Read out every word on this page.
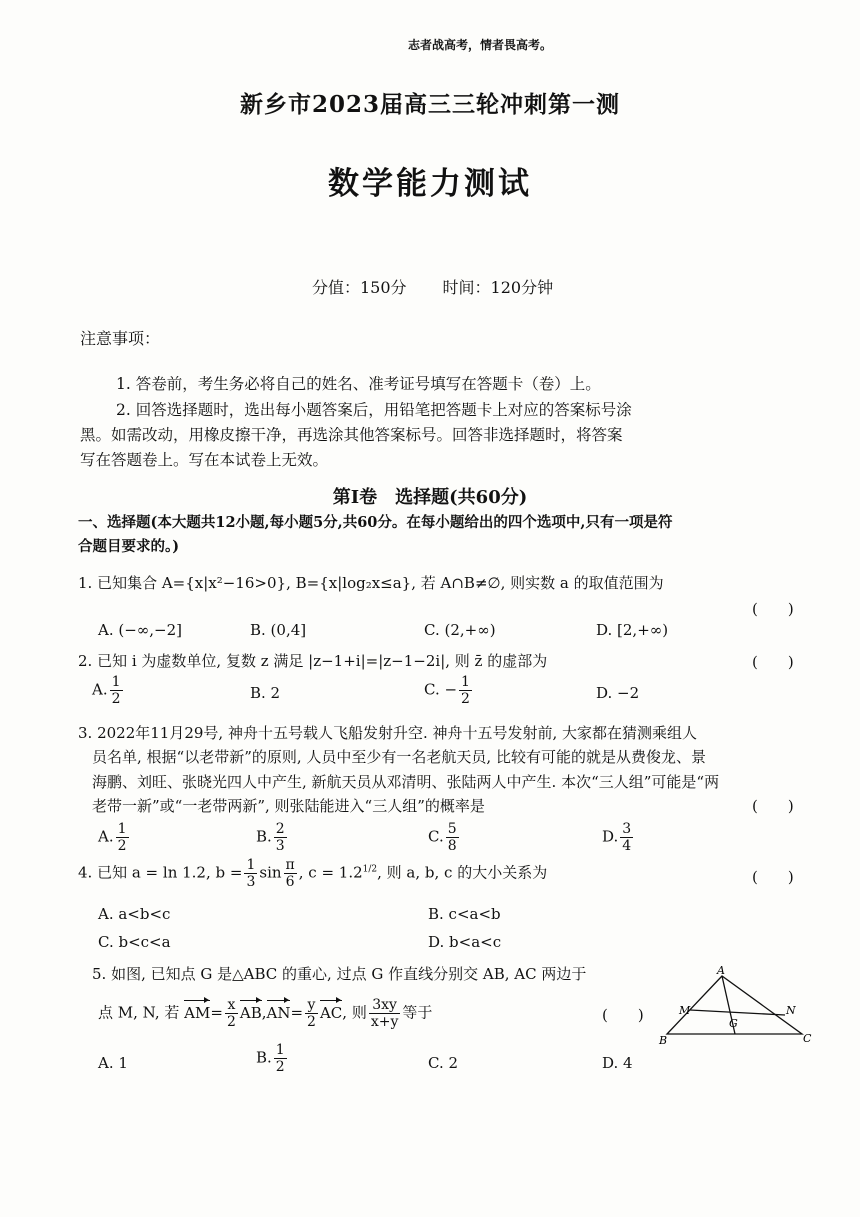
志者战高考，情者畏高考。
新乡市2023届高三三轮冲刺第一测
数学能力测试
分值：150分 时间：120分钟
注意事项：
1. 答卷前，考生务必将自己的姓名、准考证号填写在答题卡（卷）上。
2. 回答选择题时，选出每小题答案后，用铅笔把答题卡上对应的答案标号涂
黑。如需改动，用橡皮擦干净，再选涂其他答案标号。回答非选择题时，将答案
写在答题卷上。写在本试卷上无效。
第Ⅰ卷　选择题(共60分)
一、选择题(本大题共12小题,每小题5分,共60分。在每小题给出的四个选项中,只有一项是符
合题目要求的。)
1. 已知集合 A={x|x²−16>0}, B={x|log₂x≤a}, 若 A∩B≠∅, 则实数 a 的取值范围为
(　　)
A. (−∞,−2]	B. (0,4]	C. (2,+∞)	D. [2,+∞)
2. 已知 i 为虚数单位, 复数 z 满足 |z−1+i|=|z−1−2i|, 则 z̄ 的虚部为	(　　)
A. $\frac{1}{2}$	B. 2	C. − $\frac{1}{2}$	D. −2
3. 2022年11月29号, 神舟十五号载人飞船发射升空. 神舟十五号发射前, 大家都在猜测乘组人
员名单, 根据“以老带新”的原则, 人员中至少有一名老航天员, 比较有可能的就是从费俊龙、景
海鹏、刘旺、张晓光四人中产生, 新航天员从邓清明、张陆两人中产生. 本次“三人组”可能是“两
老带一新”或“一老带两新”, 则张陆能进入“三人组”的概率是	(　　)
A. $\frac{1}{2}$	B. $\frac{2}{3}$	C. $\frac{5}{8}$	D. $\frac{3}{4}$
4. 已知 a = ln 1.2, $b = \frac{1}{3}$ $\sin \frac{\pi}{6}$ , $c = 1.2^{1/2}$, 则 a, b, c 的大小关系为	(　　)
A. a<b<c	B. c<a<b
C. b<c<a	D. b<a<c
5. 如图, 已知点 G 是△ABC 的重心, 过点 G 作直线分别交 AB, AC 两边于
点 M, N, 若 $AM= \frac{x}{2} AB,AN= \frac{y}{2}$ AC, 则 $\frac{3xy}{x+y}$ 等于	(　　)
A. 1	B. $\frac{1}{2}$	C. 2	D. 4
A
B	C
M	N
G
